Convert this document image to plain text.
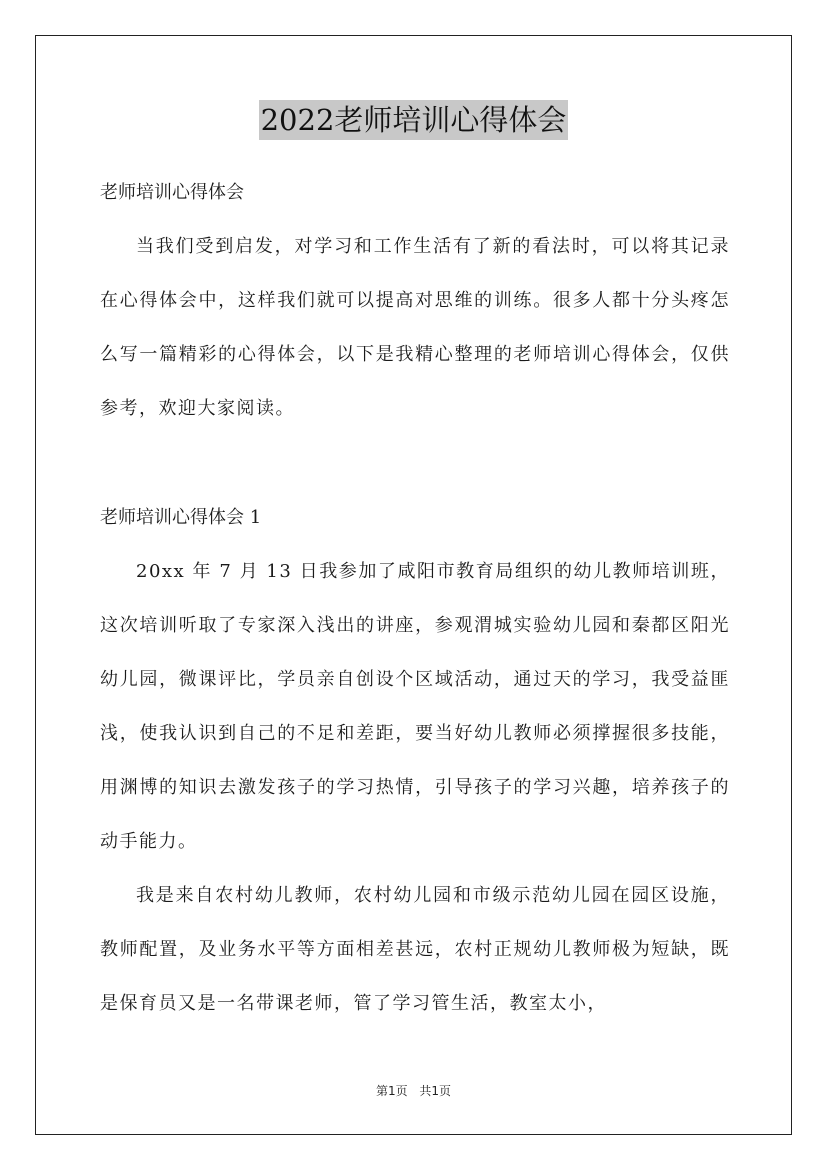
2022老师培训心得体会
老师培训心得体会

当我们受到启发，对学习和工作生活有了新的看法时，可以将其记录在心得体会中，这样我们就可以提高对思维的训练。很多人都十分头疼怎么写一篇精彩的心得体会，以下是我精心整理的老师培训心得体会，仅供参考，欢迎大家阅读。

老师培训心得体会 1

20xx 年 7 月 13 日我参加了咸阳市教育局组织的幼儿教师培训班，这次培训听取了专家深入浅出的讲座，参观渭城实验幼儿园和秦都区阳光幼儿园，微课评比，学员亲自创设个区域活动，通过天的学习，我受益匪浅，使我认识到自己的不足和差距，要当好幼儿教师必须撑握很多技能，用渊博的知识去激发孩子的学习热情，引导孩子的学习兴趣，培养孩子的动手能力。

我是来自农村幼儿教师，农村幼儿园和市级示范幼儿园在园区设施，教师配置，及业务水平等方面相差甚远，农村正规幼儿教师极为短缺，既是保育员又是一名带课老师，管了学习管生活，教室太小，

第1页 共1页
